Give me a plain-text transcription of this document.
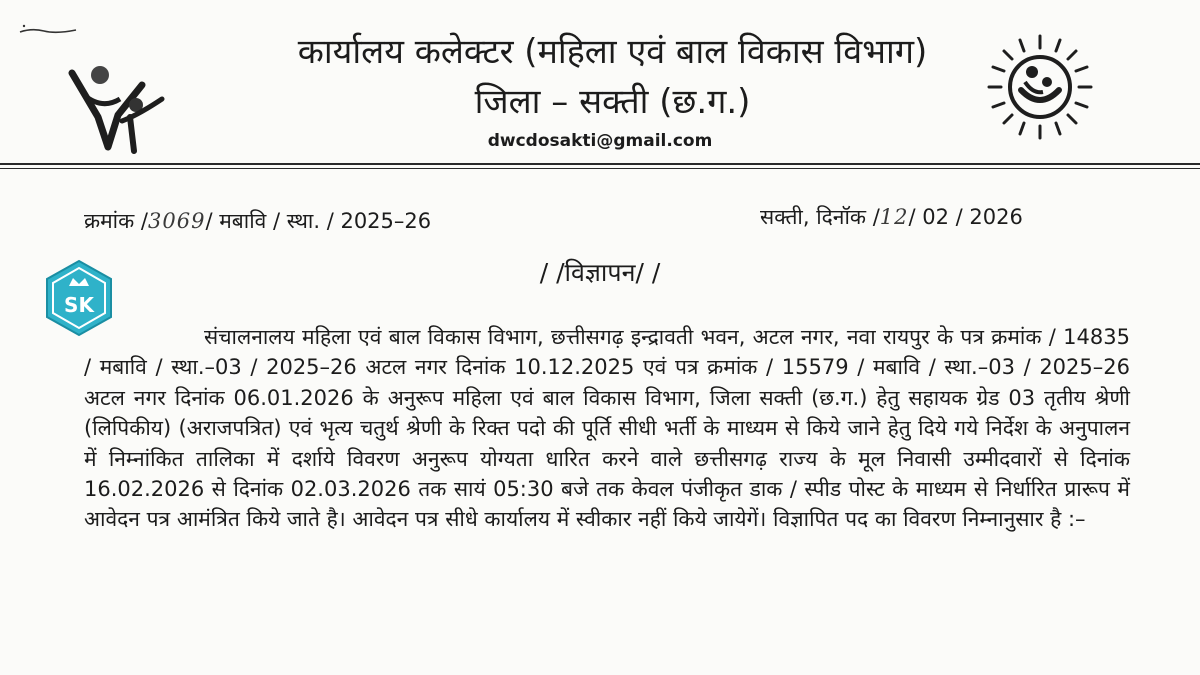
कार्यालय कलेक्टर (महिला एवं बाल विकास विभाग)
जिला – सक्ती (छ.ग.)
dwcdosakti@gmail.com
क्रमांक /3069/ मबावि / स्था. / 2025–26	सक्ती, दिनॉक /12/ 02 / 2026
SK
/ /विज्ञापन/ /

संचालनालय महिला एवं बाल विकास विभाग, छत्तीसगढ़ इन्द्रावती भवन, अटल नगर, नवा रायपुर के पत्र क्रमांक / 14835 / मबावि / स्था.–03 / 2025–26 अटल नगर दिनांक 10.12.2025 एवं पत्र क्रमांक / 15579 / मबावि / स्था.–03 / 2025–26 अटल नगर दिनांक 06.01.2026 के अनुरूप महिला एवं बाल विकास विभाग, जिला सक्ती (छ.ग.) हेतु सहायक ग्रेड 03 तृतीय श्रेणी (लिपिकीय) (अराजपत्रित) एवं भृत्य चतुर्थ श्रेणी के रिक्त पदो की पूर्ति सीधी भर्ती के माध्यम से किये जाने हेतु दिये गये निर्देश के अनुपालन में निम्नांकित तालिका में दर्शाये विवरण अनुरूप योग्यता धारित करने वाले छत्तीसगढ़ राज्य के मूल निवासी उम्मीदवारों से दिनांक 16.02.2026 से दिनांक 02.03.2026 तक सायं 05:30 बजे तक केवल पंजीकृत डाक / स्पीड पोस्ट के माध्यम से निर्धारित प्रारूप में आवेदन पत्र आमंत्रित किये जाते है। आवेदन पत्र सीधे कार्यालय में स्वीकार नहीं किये जायेगें। विज्ञापित पद का विवरण निम्नानुसार है :–
